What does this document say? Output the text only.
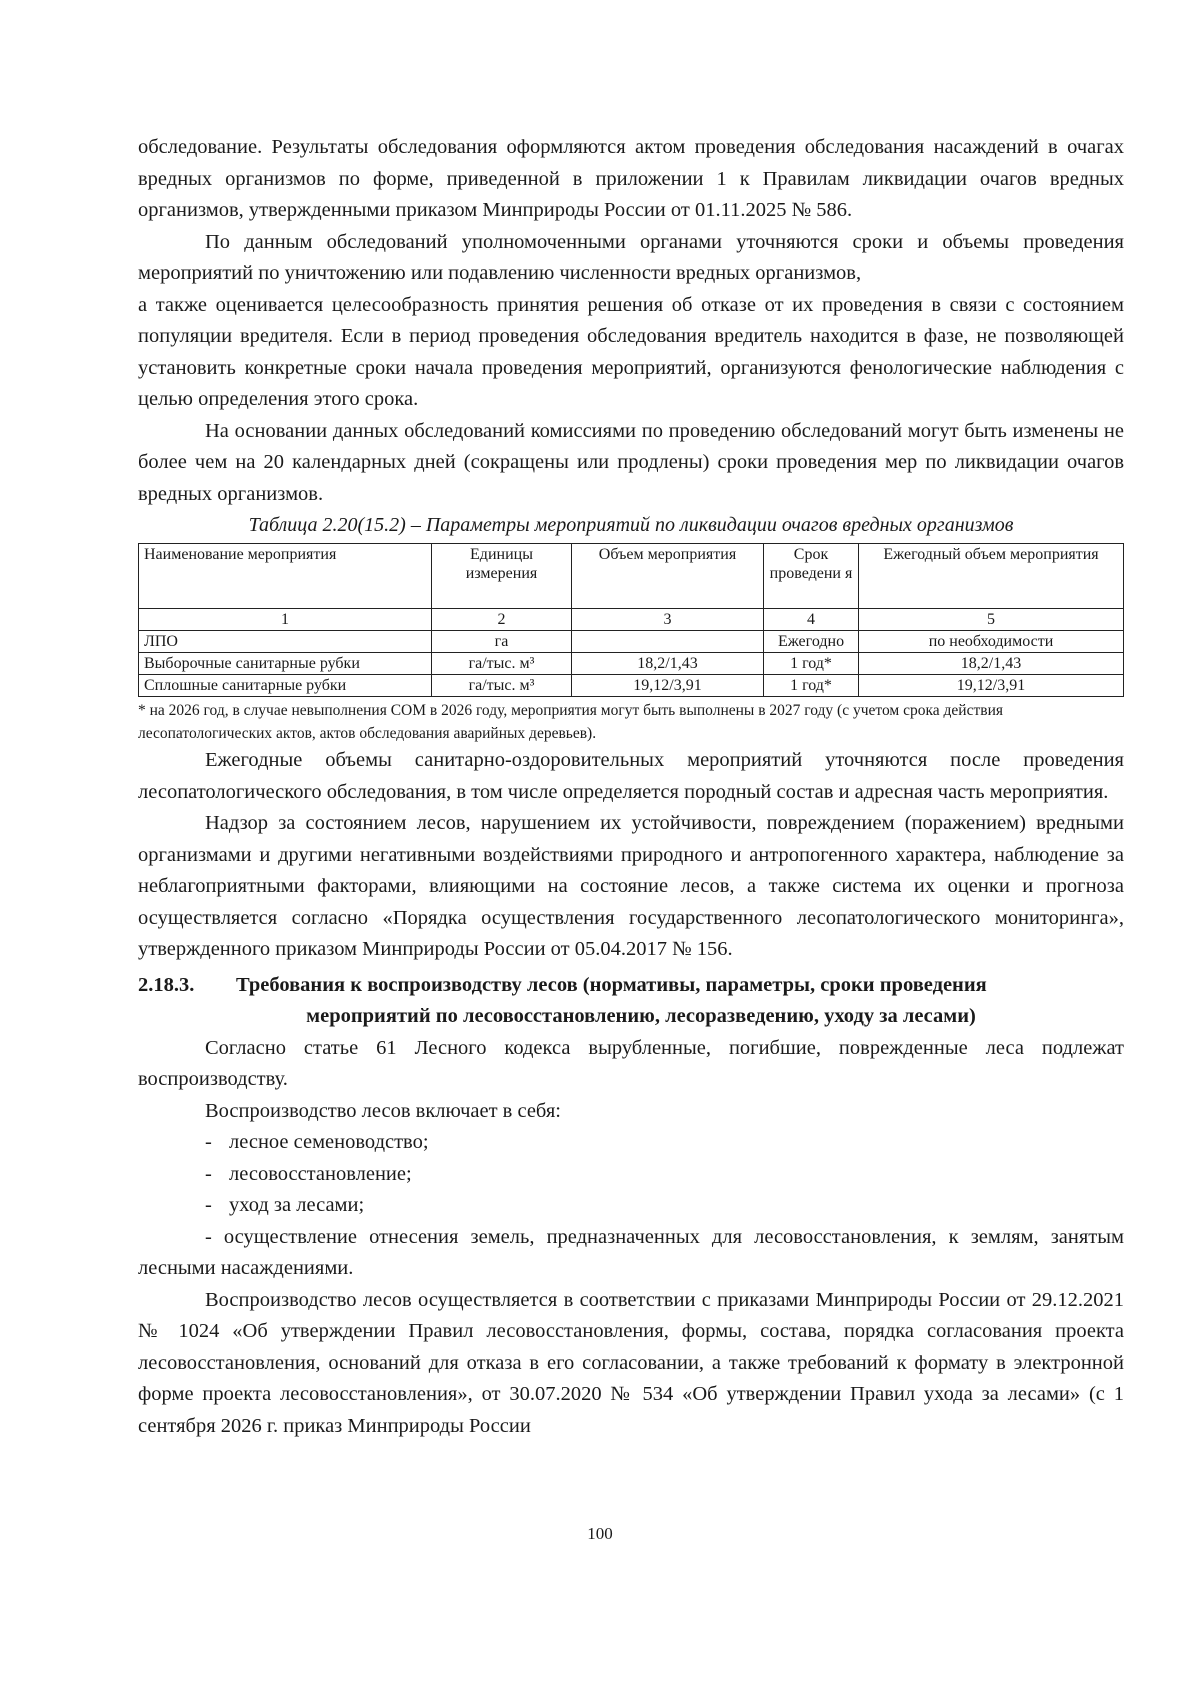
обследование. Результаты обследования оформляются актом проведения обследования насаждений в очагах вредных организмов по форме, приведенной в приложении 1 к Правилам ликвидации очагов вредных организмов, утвержденными приказом Минприроды России от 01.11.2025 № 586.

По данным обследований уполномоченными органами уточняются сроки и объемы проведения мероприятий по уничтожению или подавлению численности вредных организмов,

а также оценивается целесообразность принятия решения об отказе от их проведения в связи с состоянием популяции вредителя. Если в период проведения обследования вредитель находится в фазе, не позволяющей установить конкретные сроки начала проведения мероприятий, организуются фенологические наблюдения с целью определения этого срока.

На основании данных обследований комиссиями по проведению обследований могут быть изменены не более чем на 20 календарных дней (сокращены или продлены) сроки проведения мер по ликвидации очагов вредных организмов.

Таблица 2.20(15.2) – Параметры мероприятий по ликвидации очагов вредных организмов
Наименование мероприятия	Единицы измерения	Объем мероприятия	Срок проведени я	Ежегодный объем мероприятия
1	2	3	4	5
ЛПО	га		Ежегодно	по необходимости
Выборочные санитарные рубки	га/тыс. м³	18,2/1,43	1 год*	18,2/1,43
Сплошные санитарные рубки	га/тыс. м³	19,12/3,91	1 год*	19,12/3,91
* на 2026 год, в случае невыполнения СОМ в 2026 году, мероприятия могут быть выполнены в 2027 году (с учетом срока действия лесопатологических актов, актов обследования аварийных деревьев).

Ежегодные объемы санитарно-оздоровительных мероприятий уточняются после проведения лесопатологического обследования, в том числе определяется породный состав и адресная часть мероприятия.

Надзор за состоянием лесов, нарушением их устойчивости, повреждением (поражением) вредными организмами и другими негативными воздействиями природного и антропогенного характера, наблюдение за неблагоприятными факторами, влияющими на состояние лесов, а также система их оценки и прогноза осуществляется согласно «Порядка осуществления государственного лесопатологического мониторинга», утвержденного приказом Минприроды России от 05.04.2017 № 156.

2.18.3. Требования к воспроизводству лесов (нормативы, параметры, сроки проведения
мероприятий по лесовосстановлению, лесоразведению, уходу за лесами)

Согласно статье 61 Лесного кодекса вырубленные, погибшие, поврежденные леса подлежат воспроизводству.

Воспроизводство лесов включает в себя:

- лесное семеноводство;
- лесовосстановление;
- уход за лесами;

- осуществление отнесения земель, предназначенных для лесовосстановления, к землям, занятым лесными насаждениями.

Воспроизводство лесов осуществляется в соответствии с приказами Минприроды России от 29.12.2021 № 1024 «Об утверждении Правил лесовосстановления, формы, состава, порядка согласования проекта лесовосстановления, оснований для отказа в его согласовании, а также требований к формату в электронной форме проекта лесовосстановления», от 30.07.2020 № 534 «Об утверждении Правил ухода за лесами» (с 1 сентября 2026 г. приказ Минприроды России

100
